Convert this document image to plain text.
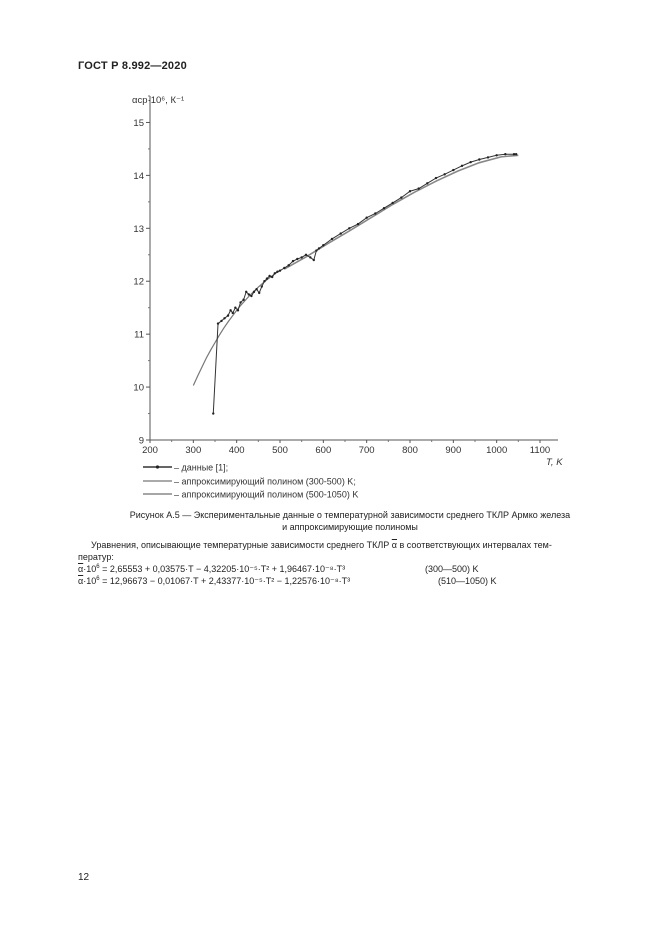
ГОСТ Р 8.992—2020
200	300	400	500	600	700	800	900	1000 1100
9
10
11
12
13
14
15
αср·10⁶, К⁻¹
T, K
– данные [1];
– аппроксимирующий полином (300-500) K;
– аппроксимирующий полином (500-1050) K
Рисунок А.5 — Экспериментальные данные о температурной зависимости среднего ТКЛР Армко железа
и аппроксимирующие полиномы
Уравнения, описывающие температурные зависимости среднего ТКЛР $\overline{\alpha}$ в соответствующих интервалах тем-
ператур:
$\overline{\alpha}\cdot 10^6 = 2,65553 + 0,03575\cdot T - 4,32205\cdot 10^{-5}\cdot T^2 + 1,96467\cdot 10^{-8}\cdot T^3$	(300—500) K
$\overline{\alpha}\cdot 10^6 = 12,96673 - 0,01067\cdot T + 2,43377\cdot 10^{-5}\cdot T^2 - 1,22576\cdot 10^{-8}\cdot T^3$	(510—1050) K
12
